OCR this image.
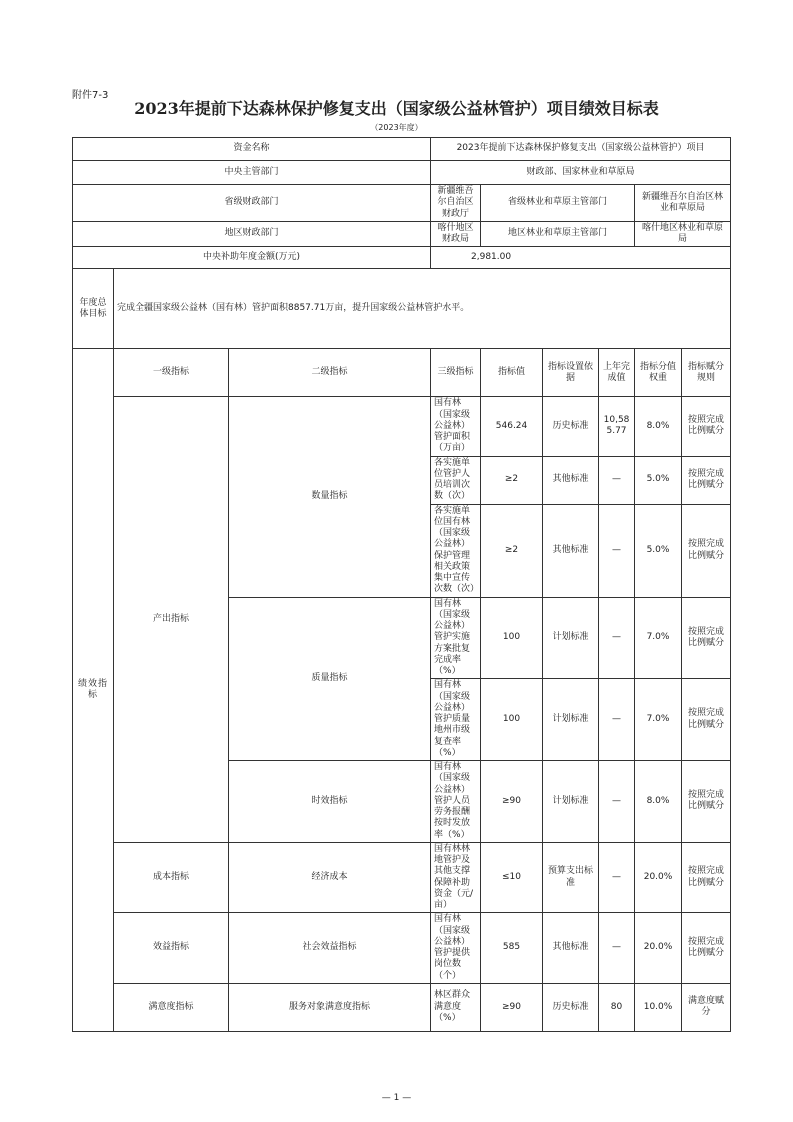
附件7-3
2023年提前下达森林保护修复支出（国家级公益林管护）项目绩效目标表
（2023年度）
资金名称			2023年提前下达森林保护修复支出（国家级公益林管护）项目						
中央主管部门			财政部、国家林业和草原局						
省级财政部门			新疆维吾尔自治区财政厅	省级林业和草原主管部门			新疆维吾尔自治区林业和草原局		
地区财政部门			喀什地区财政局	地区林业和草原主管部门			喀什地区林业和草原局		
中央补助年度金额(万元)			2,981.00						
年度总体目标	完成全疆国家级公益林（国有林）管护面积8857.71万亩，提升国家级公益林管护水平。								
绩效指标	一级指标	二级指标	三级指标	指标值	指标设置依据	上年完成值	指标分值权重	指标赋分规则	
	产出指标	数量指标	国有林（国家级公益林）管护面积（万亩）	546.24	历史标准	10,585.77	8.0%	按照完成比例赋分	
			各实施单位管护人员培训次数（次）	≥2	其他标准	—	5.0%	按照完成比例赋分	
			各实施单位国有林（国家级公益林）保护管理相关政策集中宣传次数（次）	≥2	其他标准	—	5.0%	按照完成比例赋分	
		质量指标	国有林（国家级公益林）管护实施方案批复完成率（%）	100	计划标准	—	7.0%	按照完成比例赋分	
			国有林（国家级公益林）管护质量地州市级复查率（%）	100	计划标准	—	7.0%	按照完成比例赋分	
		时效指标	国有林（国家级公益林）管护人员劳务报酬按时发放率（%）	≥90	计划标准	—	8.0%	按照完成比例赋分	
	成本指标	经济成本	国有林林地管护及其他支撑保障补助资金（元/亩）	≤10	预算支出标准	—	20.0%	按照完成比例赋分	
	效益指标	社会效益指标	国有林（国家级公益林）管护提供岗位数（个）	585	其他标准	—	20.0%	按照完成比例赋分	
	满意度指标	服务对象满意度指标	林区群众满意度（%）	≥90	历史标准	80	10.0%	满意度赋分	
— 1 —
